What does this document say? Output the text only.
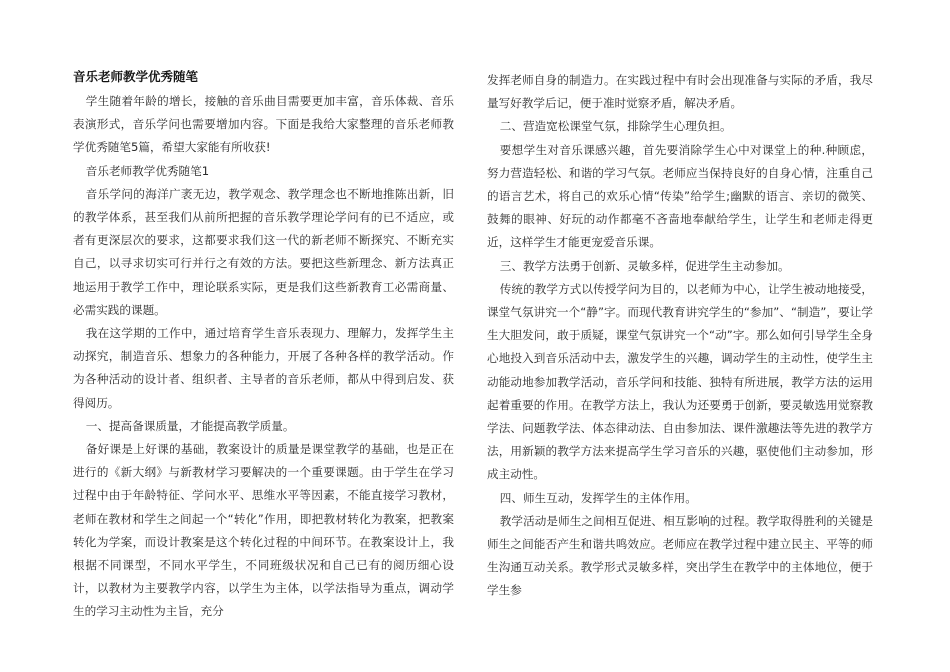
音乐老师教学优秀随笔

学生随着年龄的增长，接触的音乐曲目需要更加丰富，音乐体裁、音乐表演形式，音乐学问也需要增加内容。下面是我给大家整理的音乐老师教学优秀随笔5篇，希望大家能有所收获!

音乐老师教学优秀随笔1

音乐学问的海洋广袤无边，教学观念、教学理念也不断地推陈出新，旧的教学体系，甚至我们从前所把握的音乐教学理论学问有的已不适应，或者有更深层次的要求，这都要求我们这一代的新老师不断探究、不断充实自己，以寻求切实可行并行之有效的方法。要把这些新理念、新方法真正地运用于教学工作中，理论联系实际，更是我们这些新教育工必需商量、必需实践的课题。

我在这学期的工作中，通过培育学生音乐表现力、理解力，发挥学生主动探究，制造音乐、想象力的各种能力，开展了各种各样的教学活动。作为各种活动的设计者、组织者、主导者的音乐老师，都从中得到启发、获得阅历。

一、提高备课质量，才能提高教学质量。

备好课是上好课的基础，教案设计的质量是课堂教学的基础，也是正在进行的《新大纲》与新教材学习要解决的一个重要课题。由于学生在学习过程中由于年龄特征、学问水平、思维水平等因素，不能直接学习教材，老师在教材和学生之间起一个“转化”作用，即把教材转化为教案，把教案转化为学案，而设计教案是这个转化过程的中间环节。在教案设计上，我根据不同课型，不同水平学生，不同班级状况和自己已有的阅历细心设计，以教材为主要教学内容，以学生为主体，以学法指导为重点，调动学生的学习主动性为主旨，充分

发挥老师自身的制造力。在实践过程中有时会出现准备与实际的矛盾，我尽量写好教学后记，便于准时觉察矛盾，解决矛盾。

二、营造宽松课堂气氛，排除学生心理负担。

要想学生对音乐课感兴趣，首先要消除学生心中对课堂上的种.种顾虑，努力营造轻松、和谐的学习气氛。老师应当保持良好的自身心情，注重自己的语言艺术，将自己的欢乐心情“传染”给学生;幽默的语言、亲切的微笑、鼓舞的眼神、好玩的动作都毫不吝啬地奉献给学生，让学生和老师走得更近，这样学生才能更宠爱音乐课。

三、教学方法勇于创新、灵敏多样，促进学生主动参加。

传统的教学方式以传授学问为目的，以老师为中心，让学生被动地接受，课堂气氛讲究一个“静”字。而现代教育讲究学生的“参加”、“制造”，要让学生大胆发问，敢于质疑，课堂气氛讲究一个“动”字。那么如何引导学生全身心地投入到音乐活动中去，激发学生的兴趣，调动学生的主动性，使学生主动能动地参加教学活动，音乐学问和技能、独特有所进展，教学方法的运用起着重要的作用。在教学方法上，我认为还要勇于创新，要灵敏选用觉察教学法、问题教学法、体态律动法、自由参加法、课件激趣法等先进的教学方法，用新颖的教学方法来提高学生学习音乐的兴趣，驱使他们主动参加，形成主动性。

四、师生互动，发挥学生的主体作用。

教学活动是师生之间相互促进、相互影响的过程。教学取得胜利的关键是师生之间能否产生和谐共鸣效应。老师应在教学过程中建立民主、平等的师生沟通互动关系。教学形式灵敏多样，突出学生在教学中的主体地位，便于学生参
